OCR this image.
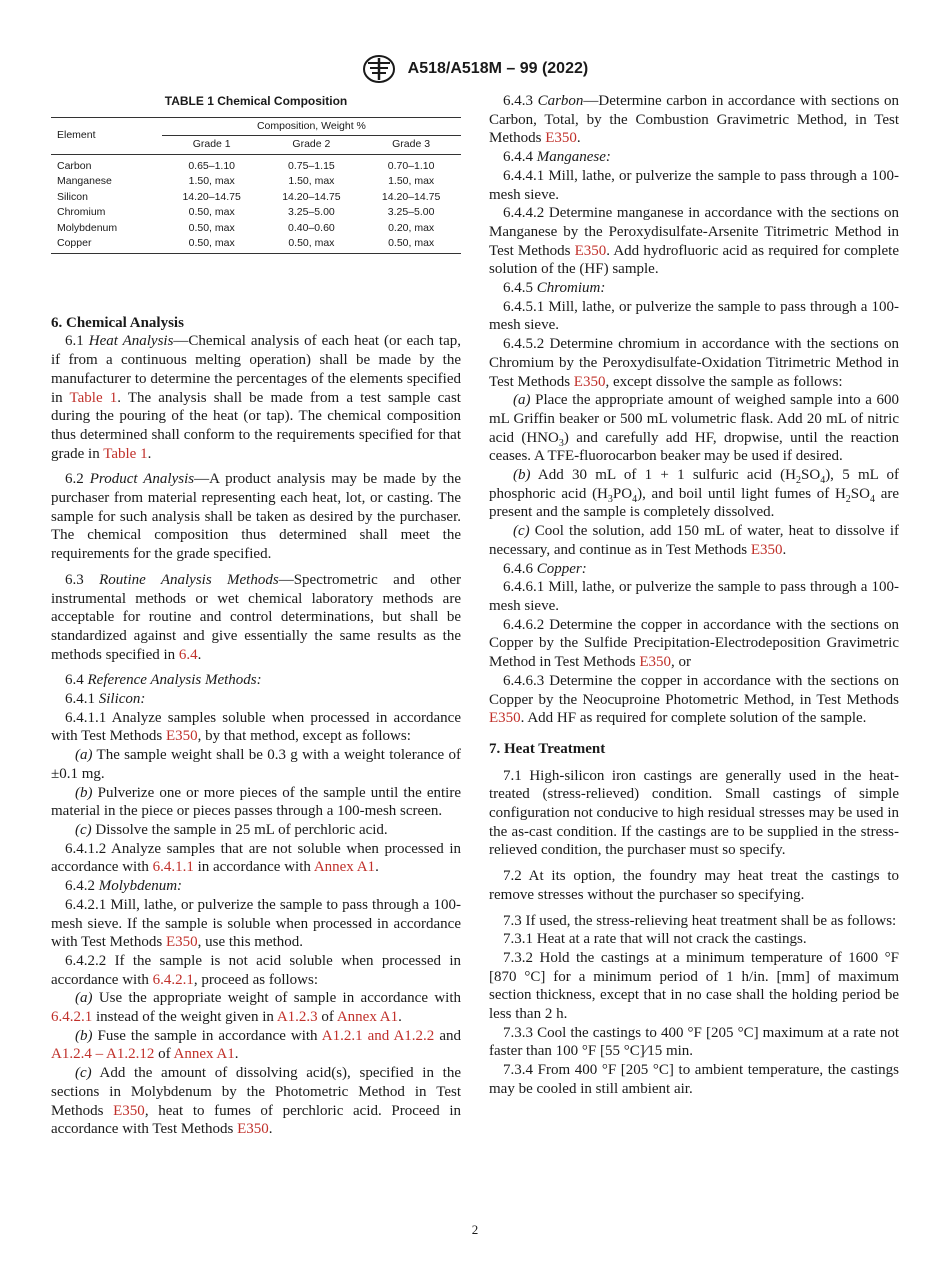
A518/A518M – 99 (2022)
TABLE 1 Chemical Composition
Element	Composition, Weight %		
	Grade 1	Grade 2	Grade 3
Carbon	0.65–1.10	0.75–1.15	0.70–1.10
Manganese	1.50, max	1.50, max	1.50, max
Silicon	14.20–14.75	14.20–14.75	14.20–14.75
Chromium	0.50, max	3.25–5.00	3.25–5.00
Molybdenum	0.50, max	0.40–0.60	0.20, max
Copper	0.50, max	0.50, max	0.50, max

6. Chemical Analysis

6.1 Heat Analysis—Chemical analysis of each heat (or each tap, if from a continuous melting operation) shall be made by the manufacturer to determine the percentages of the elements specified in Table 1. The analysis shall be made from a test sample cast during the pouring of the heat (or tap). The chemical composition thus determined shall conform to the requirements specified for that grade in Table 1.

6.2 Product Analysis—A product analysis may be made by the purchaser from material representing each heat, lot, or casting. The sample for such analysis shall be taken as desired by the purchaser. The chemical composition thus determined shall meet the requirements for the grade specified.

6.3 Routine Analysis Methods—Spectrometric and other instrumental methods or wet chemical laboratory methods are acceptable for routine and control determinations, but shall be standardized against and give essentially the same results as the methods specified in 6.4.

6.4 Reference Analysis Methods:

6.4.1 Silicon:

6.4.1.1 Analyze samples soluble when processed in accordance with Test Methods E350, by that method, except as follows:

(a) The sample weight shall be 0.3 g with a weight tolerance of ±0.1 mg.

(b) Pulverize one or more pieces of the sample until the entire material in the piece or pieces passes through a 100-mesh screen.

(c) Dissolve the sample in 25 mL of perchloric acid.

6.4.1.2 Analyze samples that are not soluble when processed in accordance with 6.4.1.1 in accordance with Annex A1.

6.4.2 Molybdenum:

6.4.2.1 Mill, lathe, or pulverize the sample to pass through a 100-mesh sieve. If the sample is soluble when processed in accordance with Test Methods E350, use this method.

6.4.2.2 If the sample is not acid soluble when processed in accordance with 6.4.2.1, proceed as follows:

(a) Use the appropriate weight of sample in accordance with 6.4.2.1 instead of the weight given in A1.2.3 of Annex A1.

(b) Fuse the sample in accordance with A1.2.1 and A1.2.2 and A1.2.4 – A1.2.12 of Annex A1.

(c) Add the amount of dissolving acid(s), specified in the sections in Molybdenum by the Photometric Method in Test Methods E350, heat to fumes of perchloric acid. Proceed in accordance with Test Methods E350.

6.4.3 Carbon—Determine carbon in accordance with sections on Carbon, Total, by the Combustion Gravimetric Method, in Test Methods E350.

6.4.4 Manganese:

6.4.4.1 Mill, lathe, or pulverize the sample to pass through a 100-mesh sieve.

6.4.4.2 Determine manganese in accordance with the sections on Manganese by the Peroxydisulfate-Arsenite Titrimetric Method in Test Methods E350. Add hydrofluoric acid as required for complete solution of the (HF) sample.

6.4.5 Chromium:

6.4.5.1 Mill, lathe, or pulverize the sample to pass through a 100-mesh sieve.

6.4.5.2 Determine chromium in accordance with the sections on Chromium by the Peroxydisulfate-Oxidation Titrimetric Method in Test Methods E350, except dissolve the sample as follows:

(a) Place the appropriate amount of weighed sample into a 600 mL Griffin beaker or 500 mL volumetric flask. Add 20 mL of nitric acid $(HNO_3)$ and carefully add HF, dropwise, until the reaction ceases. A TFE-fluorocarbon beaker may be used if desired.

(b) Add 30 mL of 1 + 1 sulfuric acid $(H_2SO_4)$, 5 mL of phosphoric acid $(H_3PO_4)$, and boil until light fumes of $H_2SO_4$ are present and the sample is completely dissolved.

(c) Cool the solution, add 150 mL of water, heat to dissolve if necessary, and continue as in Test Methods E350.

6.4.6 Copper:

6.4.6.1 Mill, lathe, or pulverize the sample to pass through a 100-mesh sieve.

6.4.6.2 Determine the copper in accordance with the sections on Copper by the Sulfide Precipitation-Electrodeposition Gravimetric Method in Test Methods E350, or

6.4.6.3 Determine the copper in accordance with the sections on Copper by the Neocuproine Photometric Method, in Test Methods E350. Add HF as required for complete solution of the sample.

7. Heat Treatment

7.1 High-silicon iron castings are generally used in the heat-treated (stress-relieved) condition. Small castings of simple configuration not conducive to high residual stresses may be used in the as-cast condition. If the castings are to be supplied in the stress-relieved condition, the purchaser must so specify.

7.2 At its option, the foundry may heat treat the castings to remove stresses without the purchaser so specifying.

7.3 If used, the stress-relieving heat treatment shall be as follows:

7.3.1 Heat at a rate that will not crack the castings.

7.3.2 Hold the castings at a minimum temperature of 1600 °F [870 °C] for a minimum period of 1 h/in. [mm] of maximum section thickness, except that in no case shall the holding period be less than 2 h.

7.3.3 Cool the castings to 400 °F [205 °C] maximum at a rate not faster than 100 °F [55 °C]⁄15 min.

7.3.4 From 400 °F [205 °C] to ambient temperature, the castings may be cooled in still ambient air.

2
